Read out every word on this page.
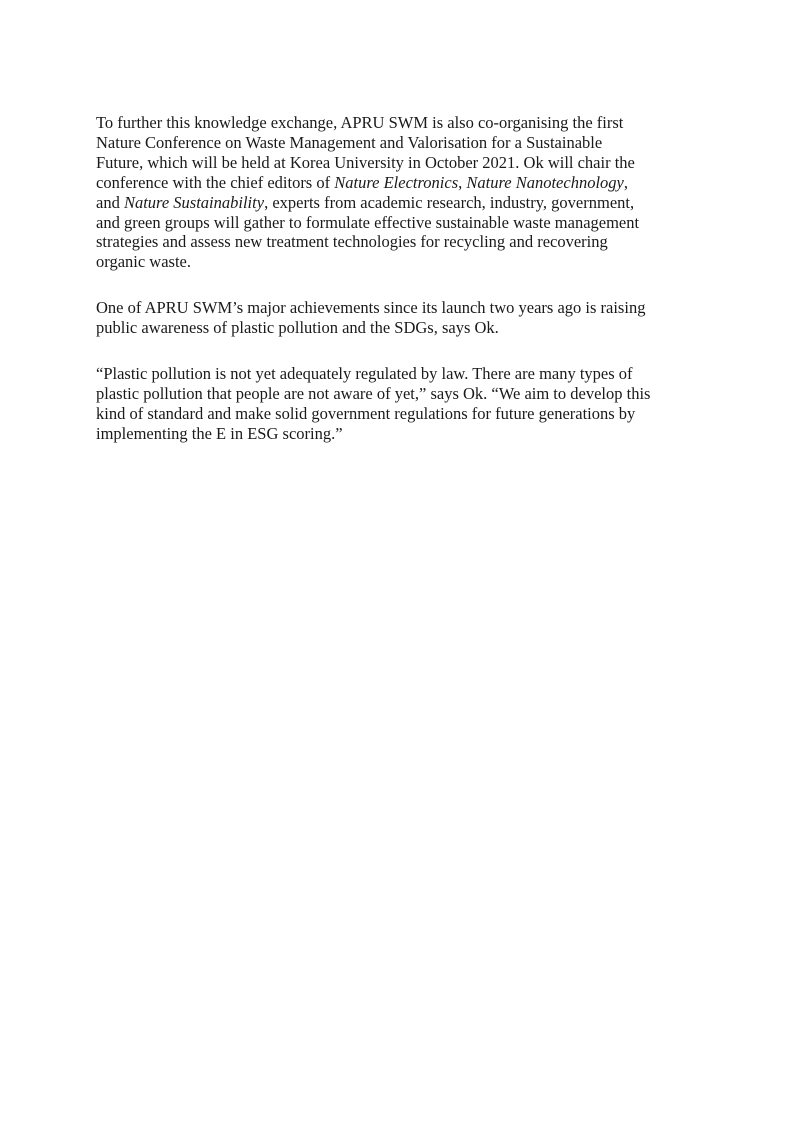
To further this knowledge exchange, APRU SWM is also co-organising the first
Nature Conference on Waste Management and Valorisation for a Sustainable
Future, which will be held at Korea University in October 2021. Ok will chair the
conference with the chief editors of Nature Electronics, Nature Nanotechnology,
and Nature Sustainability, experts from academic research, industry, government,
and green groups will gather to formulate effective sustainable waste management
strategies and assess new treatment technologies for recycling and recovering
organic waste.

One of APRU SWM’s major achievements since its launch two years ago is raising
public awareness of plastic pollution and the SDGs, says Ok.

“Plastic pollution is not yet adequately regulated by law. There are many types of
plastic pollution that people are not aware of yet,” says Ok. “We aim to develop this
kind of standard and make solid government regulations for future generations by
implementing the E in ESG scoring.”
